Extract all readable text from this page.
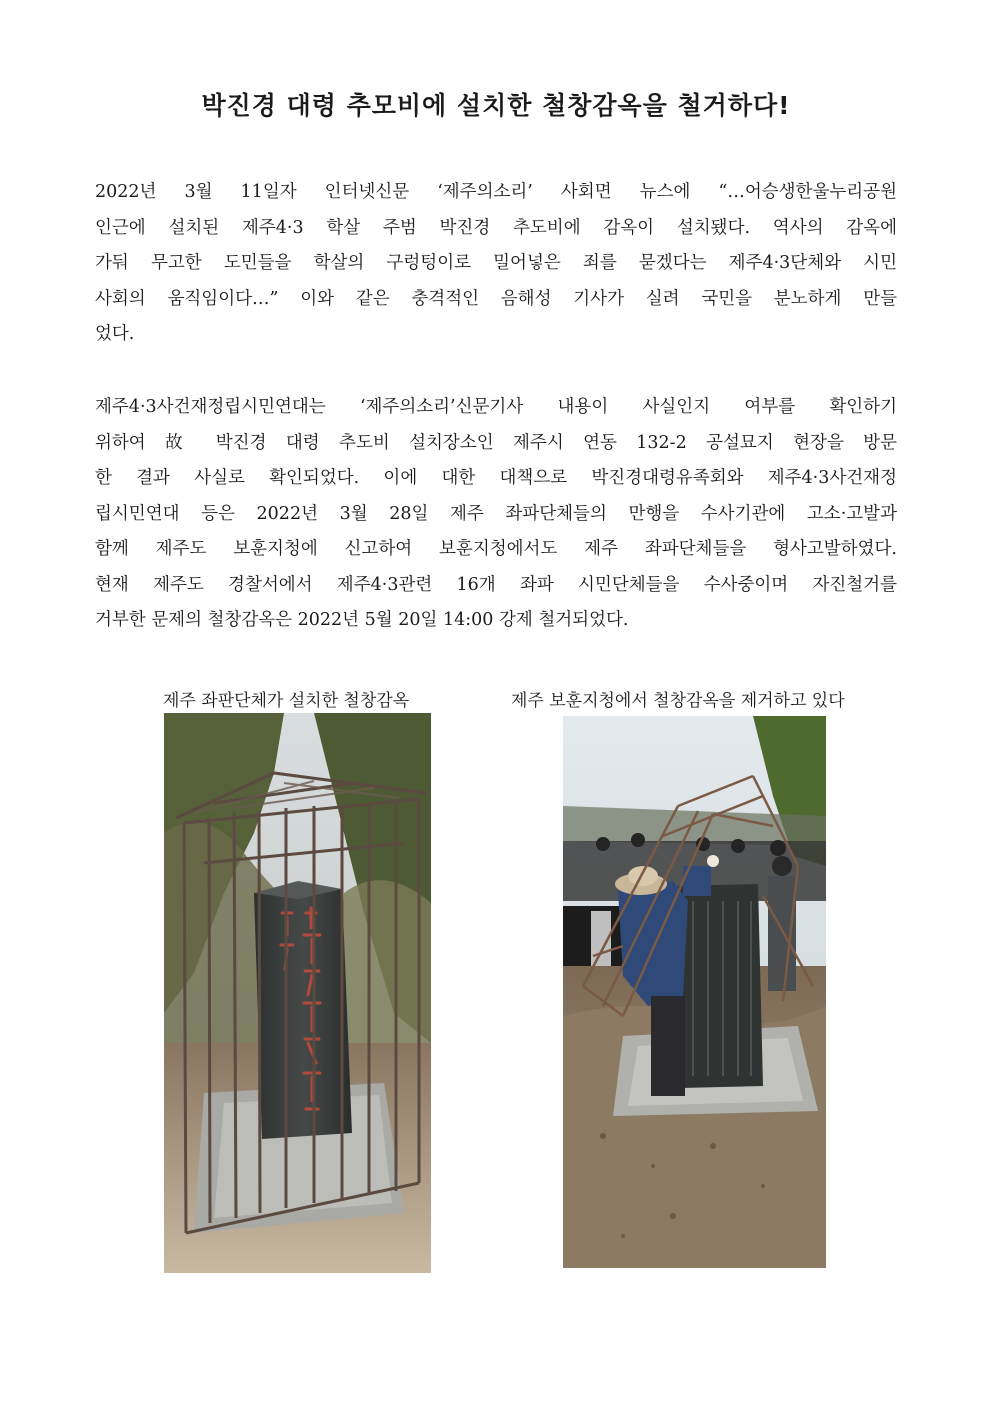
박진경 대령 추모비에 설치한 철창감옥을 철거하다!
2022년 3월 11일자 인터넷신문 ‘제주의소리’ 사회면 뉴스에 “…어승생한울누리공원
인근에 설치된 제주4·3 학살 주범 박진경 추도비에 감옥이 설치됐다. 역사의 감옥에
가둬 무고한 도민들을 학살의 구렁텅이로 밀어넣은 죄를 묻겠다는 제주4·3단체와 시민
사회의 움직임이다…” 이와 같은 충격적인 음해성 기사가 실려 국민을 분노하게 만들
었다.
제주4·3사건재정립시민연대는 ‘제주의소리’신문기사 내용이 사실인지 여부를 확인하기
위하여 故 박진경 대령 추도비 설치장소인 제주시 연동 132-2 공설묘지 현장을 방문
한 결과 사실로 확인되었다. 이에 대한 대책으로 박진경대령유족회와 제주4·3사건재정
립시민연대 등은 2022년 3월 28일 제주 좌파단체들의 만행을 수사기관에 고소·고발과
함께 제주도 보훈지청에 신고하여 보훈지청에서도 제주 좌파단체들을 형사고발하였다.
현재 제주도 경찰서에서 제주4·3관련 16개 좌파 시민단체들을 수사중이며 자진철거를
거부한 문제의 철창감옥은 2022년 5월 20일 14:00 강제 철거되었다.
제주 좌판단체가 설치한 철창감옥	제주 보훈지청에서 철창감옥을 제거하고 있다
